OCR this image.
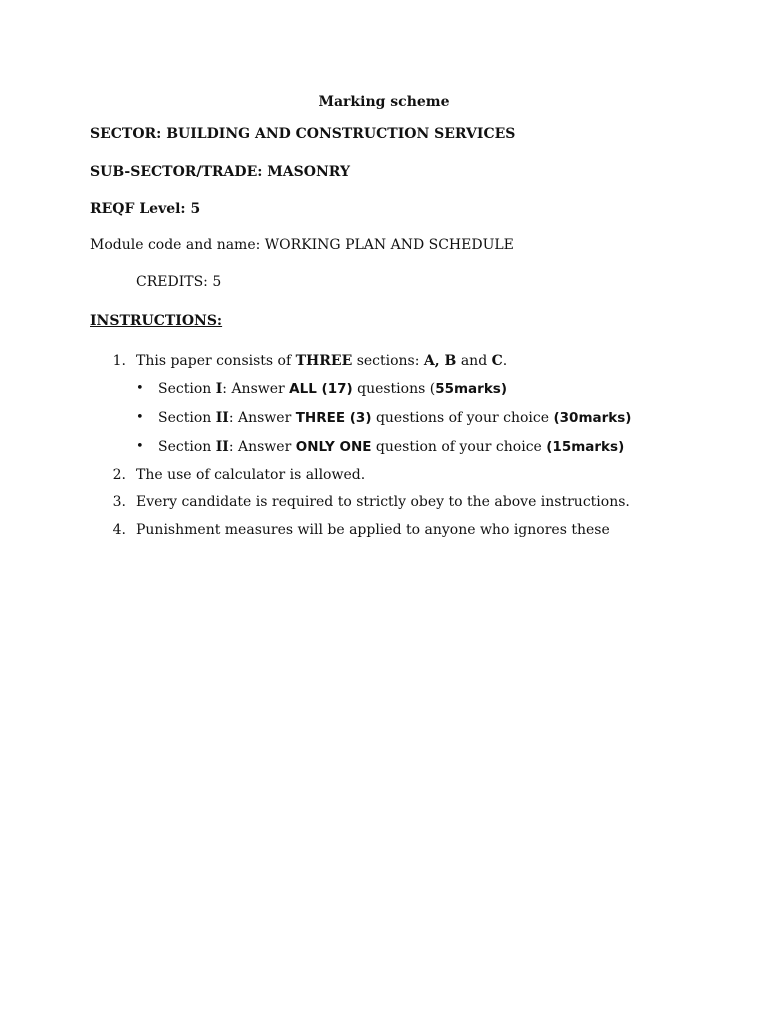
Marking scheme
SECTOR: BUILDING AND CONSTRUCTION SERVICES
SUB-SECTOR/TRADE: MASONRY
REQF Level: 5
Module code and name: WORKING PLAN AND SCHEDULE
CREDITS: 5
INSTRUCTIONS:
1. This paper consists of THREE sections: A, B and C.
• Section I: Answer ALL (17) questions (55marks)
• Section II: Answer THREE (3) questions of your choice (30marks)
• Section II: Answer ONLY ONE question of your choice (15marks)
2. The use of calculator is allowed.
3. Every candidate is required to strictly obey to the above instructions.
4. Punishment measures will be applied to anyone who ignores these
